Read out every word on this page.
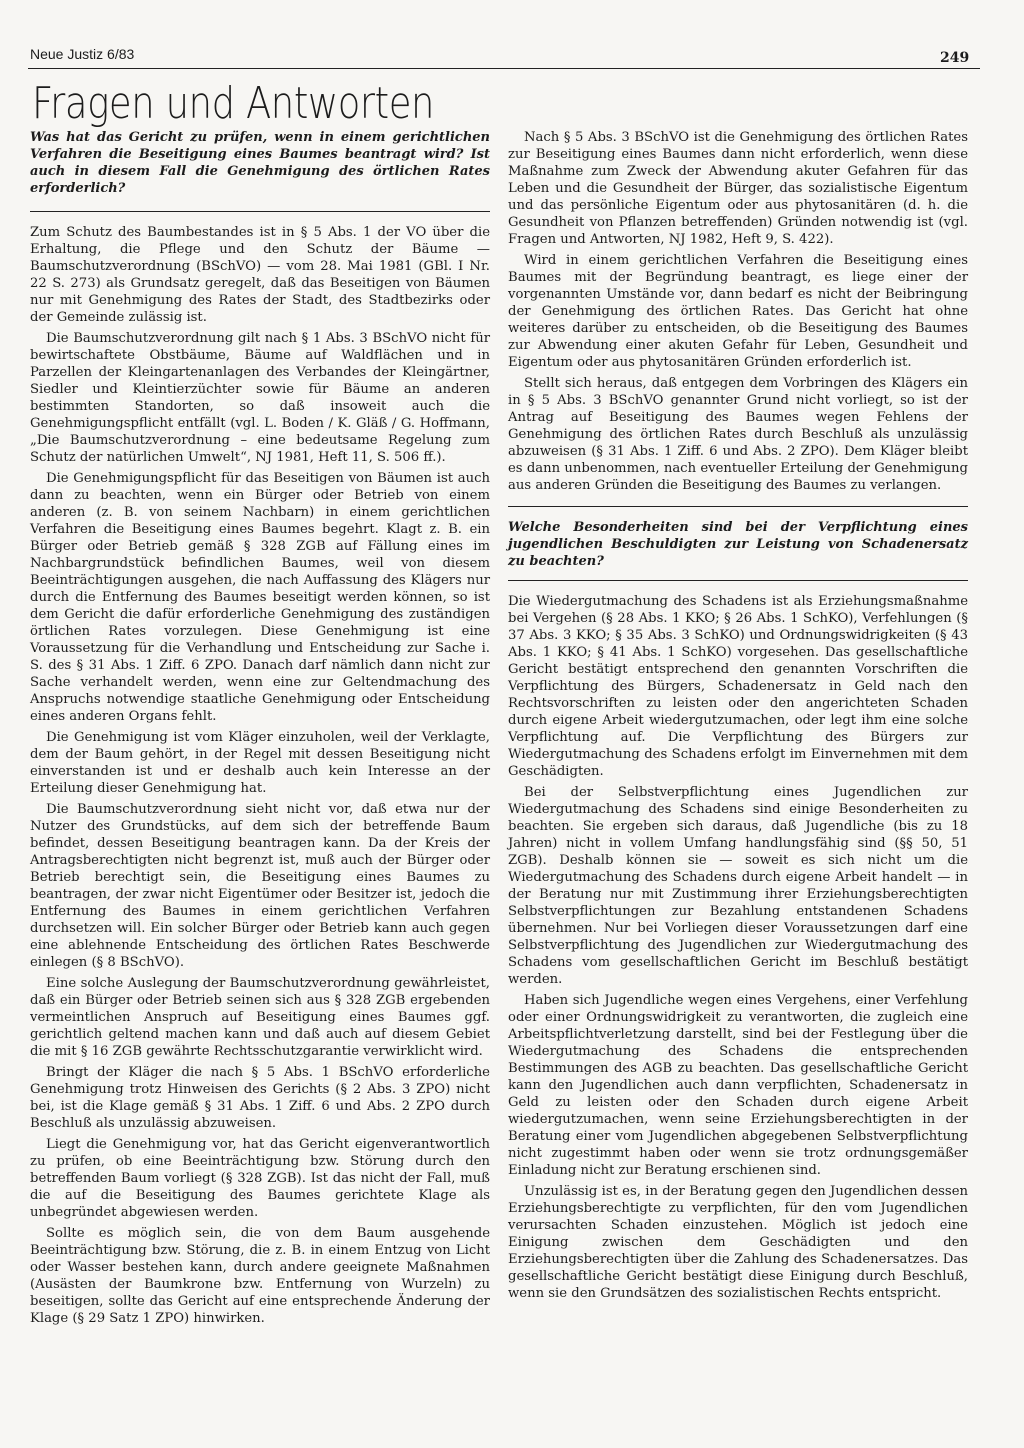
Neue Justiz 6/83	249
Fragen und Antworten

Was hat das Gericht zu prüfen, wenn in einem gerichtlichen Verfahren die Beseitigung eines Baumes beantragt wird? Ist auch in diesem Fall die Genehmigung des örtlichen Rates erforderlich?

Zum Schutz des Baumbestandes ist in § 5 Abs. 1 der VO über die Erhaltung, die Pflege und den Schutz der Bäume — Baumschutzverordnung (BSchVO) — vom 28. Mai 1981 (GBl. I Nr. 22 S. 273) als Grundsatz geregelt, daß das Beseitigen von Bäumen nur mit Genehmigung des Rates der Stadt, des Stadtbezirks oder der Gemeinde zulässig ist.

Die Baumschutzverordnung gilt nach § 1 Abs. 3 BSchVO nicht für bewirtschaftete Obstbäume, Bäume auf Waldflächen und in Parzellen der Kleingartenanlagen des Verbandes der Kleingärtner, Siedler und Kleintierzüchter sowie für Bäume an anderen bestimmten Standorten, so daß insoweit auch die Genehmigungspflicht entfällt (vgl. L. Boden / K. Gläß / G. Hoffmann, „Die Baumschutzverordnung – eine bedeutsame Regelung zum Schutz der natürlichen Umwelt“, NJ 1981, Heft 11, S. 506 ff.).

Die Genehmigungspflicht für das Beseitigen von Bäumen ist auch dann zu beachten, wenn ein Bürger oder Betrieb von einem anderen (z. B. von seinem Nachbarn) in einem gerichtlichen Verfahren die Beseitigung eines Baumes begehrt. Klagt z. B. ein Bürger oder Betrieb gemäß § 328 ZGB auf Fällung eines im Nachbargrundstück befindlichen Baumes, weil von diesem Beeinträchtigungen ausgehen, die nach Auffassung des Klägers nur durch die Entfernung des Baumes beseitigt werden können, so ist dem Gericht die dafür erforderliche Genehmigung des zuständigen örtlichen Rates vorzulegen. Diese Genehmigung ist eine Voraussetzung für die Verhandlung und Entscheidung zur Sache i. S. des § 31 Abs. 1 Ziff. 6 ZPO. Danach darf nämlich dann nicht zur Sache verhandelt werden, wenn eine zur Geltendmachung des Anspruchs notwendige staatliche Genehmigung oder Entscheidung eines anderen Organs fehlt.

Die Genehmigung ist vom Kläger einzuholen, weil der Verklagte, dem der Baum gehört, in der Regel mit dessen Beseitigung nicht einverstanden ist und er deshalb auch kein Interesse an der Erteilung dieser Genehmigung hat.

Die Baumschutzverordnung sieht nicht vor, daß etwa nur der Nutzer des Grundstücks, auf dem sich der betreffende Baum befindet, dessen Beseitigung beantragen kann. Da der Kreis der Antragsberechtigten nicht begrenzt ist, muß auch der Bürger oder Betrieb berechtigt sein, die Beseitigung eines Baumes zu beantragen, der zwar nicht Eigentümer oder Besitzer ist, jedoch die Entfernung des Baumes in einem gerichtlichen Verfahren durchsetzen will. Ein solcher Bürger oder Betrieb kann auch gegen eine ablehnende Entscheidung des örtlichen Rates Beschwerde einlegen (§ 8 BSchVO).

Eine solche Auslegung der Baumschutzverordnung gewährleistet, daß ein Bürger oder Betrieb seinen sich aus § 328 ZGB ergebenden vermeintlichen Anspruch auf Beseitigung eines Baumes ggf. gerichtlich geltend machen kann und daß auch auf diesem Gebiet die mit § 16 ZGB gewährte Rechtsschutzgarantie verwirklicht wird.

Bringt der Kläger die nach § 5 Abs. 1 BSchVO erforderliche Genehmigung trotz Hinweisen des Gerichts (§ 2 Abs. 3 ZPO) nicht bei, ist die Klage gemäß § 31 Abs. 1 Ziff. 6 und Abs. 2 ZPO durch Beschluß als unzulässig abzuweisen.

Liegt die Genehmigung vor, hat das Gericht eigenverantwortlich zu prüfen, ob eine Beeinträchtigung bzw. Störung durch den betreffenden Baum vorliegt (§ 328 ZGB). Ist das nicht der Fall, muß die auf die Beseitigung des Baumes gerichtete Klage als unbegründet abgewiesen werden.

Sollte es möglich sein, die von dem Baum ausgehende Beeinträchtigung bzw. Störung, die z. B. in einem Entzug von Licht oder Wasser bestehen kann, durch andere geeignete Maßnahmen (Ausästen der Baumkrone bzw. Entfernung von Wurzeln) zu beseitigen, sollte das Gericht auf eine entsprechende Änderung der Klage (§ 29 Satz 1 ZPO) hinwirken.

Nach § 5 Abs. 3 BSchVO ist die Genehmigung des örtlichen Rates zur Beseitigung eines Baumes dann nicht erforderlich, wenn diese Maßnahme zum Zweck der Abwendung akuter Gefahren für das Leben und die Gesundheit der Bürger, das sozialistische Eigentum und das persönliche Eigentum oder aus phytosanitären (d. h. die Gesundheit von Pflanzen betreffenden) Gründen notwendig ist (vgl. Fragen und Antworten, NJ 1982, Heft 9, S. 422).

Wird in einem gerichtlichen Verfahren die Beseitigung eines Baumes mit der Begründung beantragt, es liege einer der vorgenannten Umstände vor, dann bedarf es nicht der Beibringung der Genehmigung des örtlichen Rates. Das Gericht hat ohne weiteres darüber zu entscheiden, ob die Beseitigung des Baumes zur Abwendung einer akuten Gefahr für Leben, Gesundheit und Eigentum oder aus phytosanitären Gründen erforderlich ist.

Stellt sich heraus, daß entgegen dem Vorbringen des Klägers ein in § 5 Abs. 3 BSchVO genannter Grund nicht vorliegt, so ist der Antrag auf Beseitigung des Baumes wegen Fehlens der Genehmigung des örtlichen Rates durch Beschluß als unzulässig abzuweisen (§ 31 Abs. 1 Ziff. 6 und Abs. 2 ZPO). Dem Kläger bleibt es dann unbenommen, nach eventueller Erteilung der Genehmigung aus anderen Gründen die Beseitigung des Baumes zu verlangen.

Welche Besonderheiten sind bei der Verpflichtung eines jugendlichen Beschuldigten zur Leistung von Schadenersatz zu beachten?

Die Wiedergutmachung des Schadens ist als Erziehungsmaßnahme bei Vergehen (§ 28 Abs. 1 KKO; § 26 Abs. 1 SchKO), Verfehlungen (§ 37 Abs. 3 KKO; § 35 Abs. 3 SchKO) und Ordnungswidrigkeiten (§ 43 Abs. 1 KKO; § 41 Abs. 1 SchKO) vorgesehen. Das gesellschaftliche Gericht bestätigt entsprechend den genannten Vorschriften die Verpflichtung des Bürgers, Schadenersatz in Geld nach den Rechtsvorschriften zu leisten oder den angerichteten Schaden durch eigene Arbeit wiedergutzumachen, oder legt ihm eine solche Verpflichtung auf. Die Verpflichtung des Bürgers zur Wiedergutmachung des Schadens erfolgt im Einvernehmen mit dem Geschädigten.

Bei der Selbstverpflichtung eines Jugendlichen zur Wiedergutmachung des Schadens sind einige Besonderheiten zu beachten. Sie ergeben sich daraus, daß Jugendliche (bis zu 18 Jahren) nicht in vollem Umfang handlungsfähig sind (§§ 50, 51 ZGB). Deshalb können sie — soweit es sich nicht um die Wiedergutmachung des Schadens durch eigene Arbeit handelt — in der Beratung nur mit Zustimmung ihrer Erziehungsberechtigten Selbstverpflichtungen zur Bezahlung entstandenen Schadens übernehmen. Nur bei Vorliegen dieser Voraussetzungen darf eine Selbstverpflichtung des Jugendlichen zur Wiedergutmachung des Schadens vom gesellschaftlichen Gericht im Beschluß bestätigt werden.

Haben sich Jugendliche wegen eines Vergehens, einer Verfehlung oder einer Ordnungswidrigkeit zu verantworten, die zugleich eine Arbeitspflichtverletzung darstellt, sind bei der Festlegung über die Wiedergutmachung des Schadens die entsprechenden Bestimmungen des AGB zu beachten. Das gesellschaftliche Gericht kann den Jugendlichen auch dann verpflichten, Schadenersatz in Geld zu leisten oder den Schaden durch eigene Arbeit wiedergutzumachen, wenn seine Erziehungsberechtigten in der Beratung einer vom Jugendlichen abgegebenen Selbstverpflichtung nicht zugestimmt haben oder wenn sie trotz ordnungsgemäßer Einladung nicht zur Beratung erschienen sind.

Unzulässig ist es, in der Beratung gegen den Jugendlichen dessen Erziehungsberechtigte zu verpflichten, für den vom Jugendlichen verursachten Schaden einzustehen. Möglich ist jedoch eine Einigung zwischen dem Geschädigten und den Erziehungsberechtigten über die Zahlung des Schadenersatzes. Das gesellschaftliche Gericht bestätigt diese Einigung durch Beschluß, wenn sie den Grundsätzen des sozialistischen Rechts entspricht.
